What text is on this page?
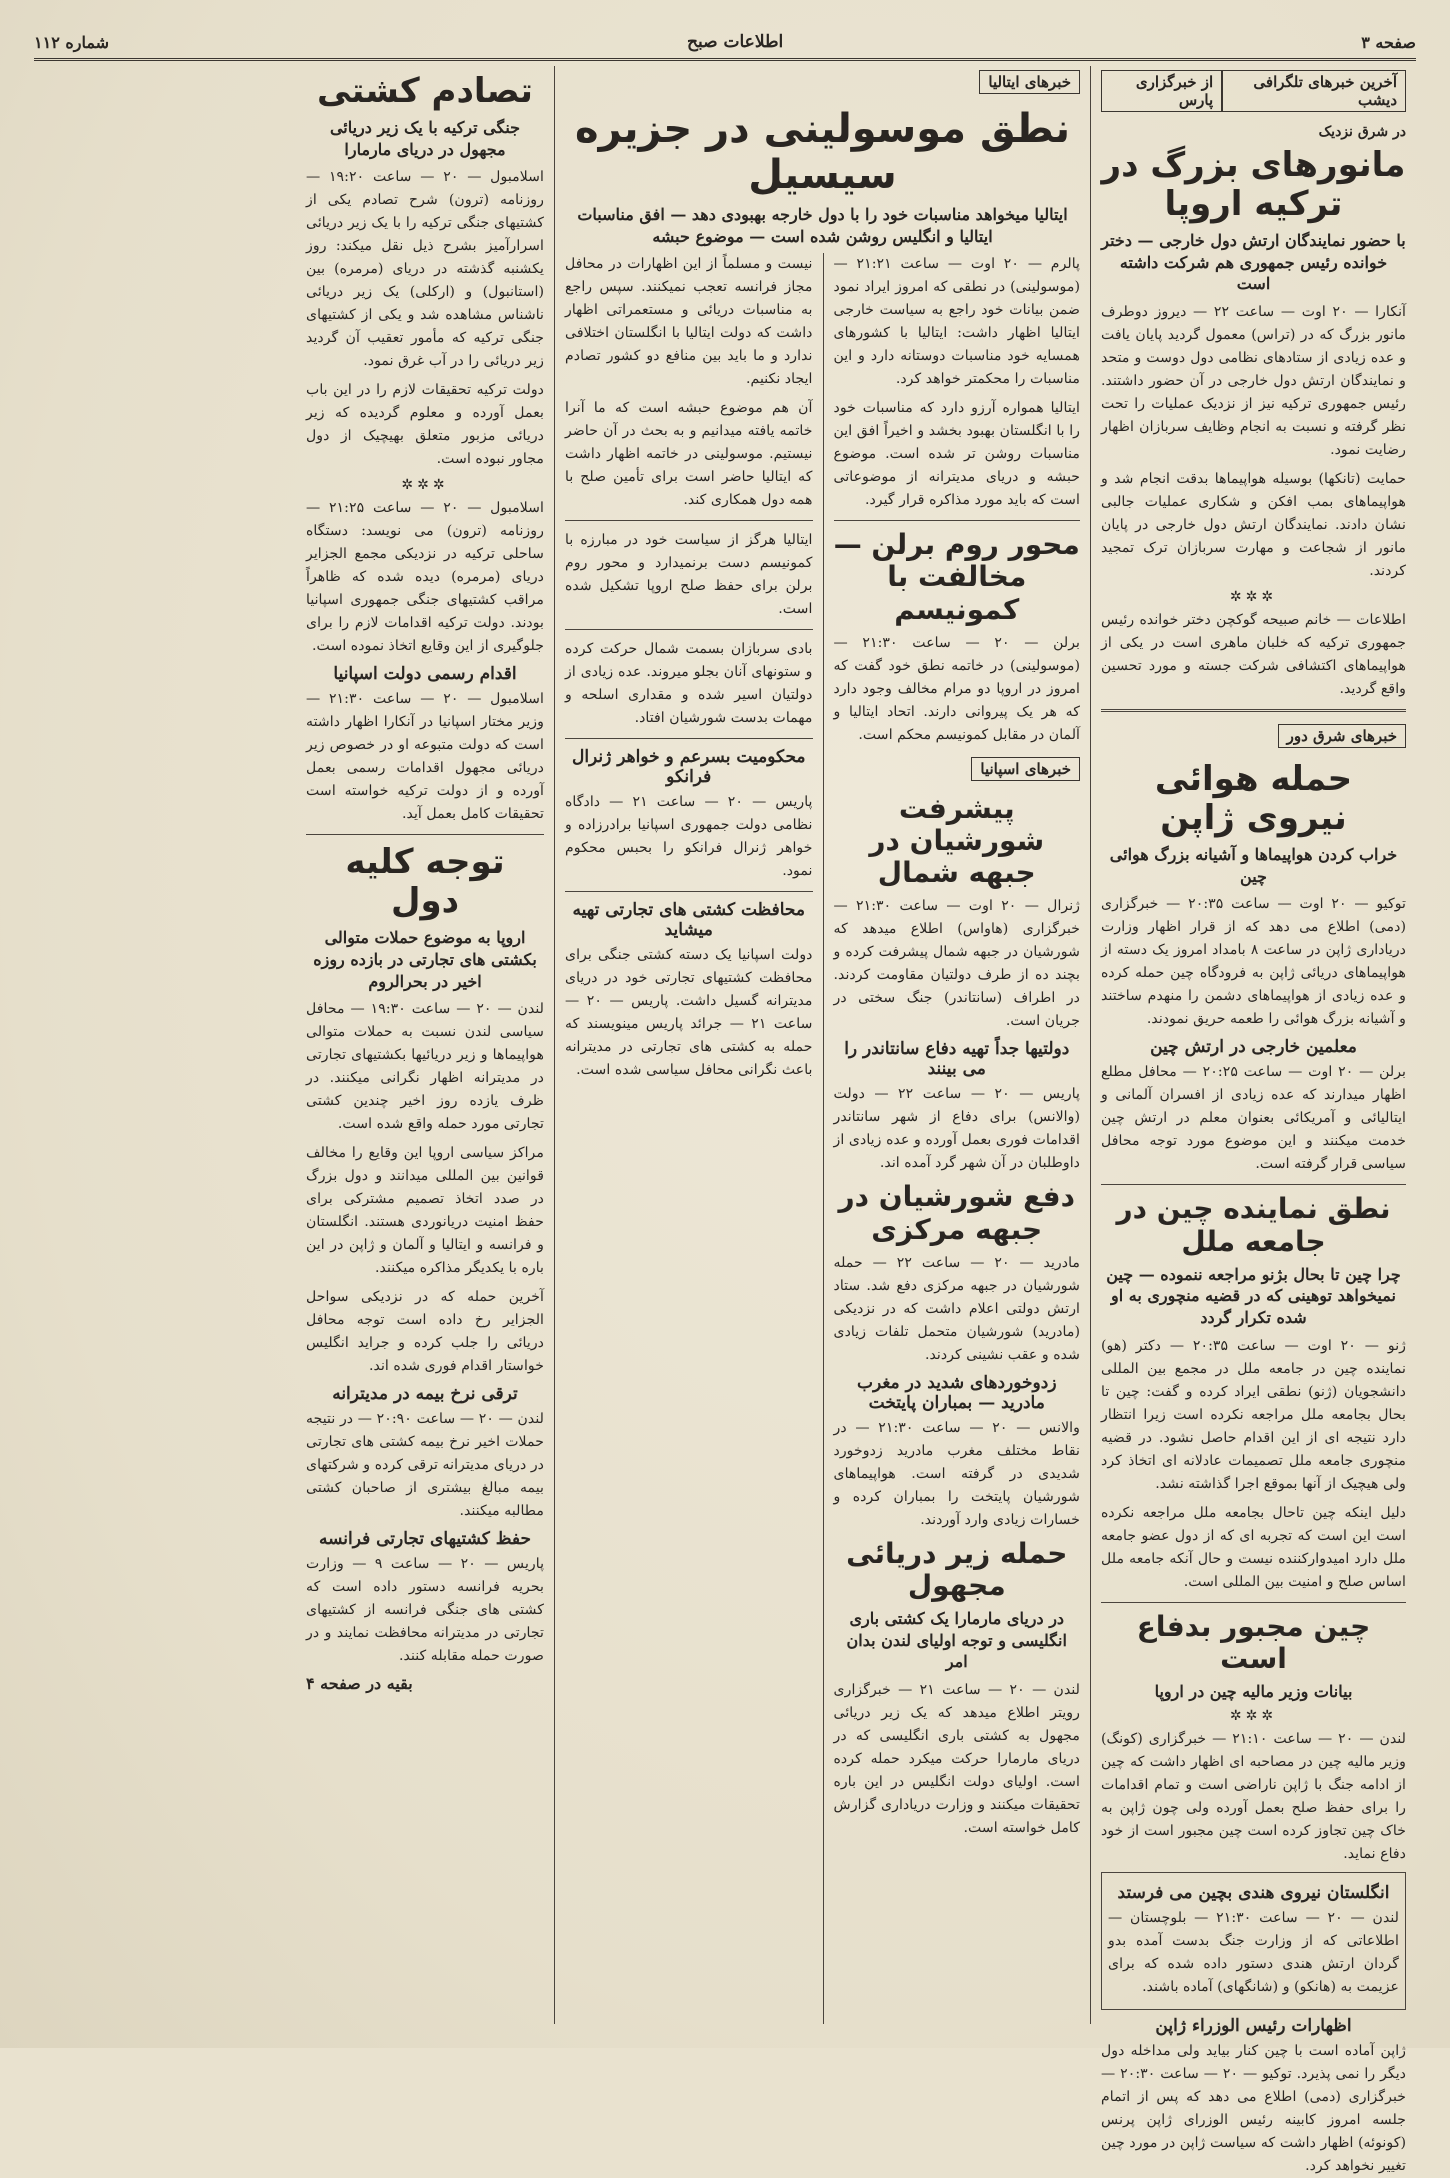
صفحه ۳
اطلاعات صبح
شماره ۱۱۲
آخرین خبرهای تلگرافی دیشب
از خبرگزاری پارس
در شرق نزدیک
مانورهای بزرگ در ترکیه اروپا
با حضور نمایندگان ارتش دول خارجی — دختر خوانده رئیس جمهوری هم شرکت داشته است

آنکارا — ۲۰ اوت — ساعت ۲۲ — دیروز دوطرف مانور بزرگ که در (تراس) معمول گردید پایان یافت و عده زیادی از ستادهای نظامی دول دوست و متحد و نمایندگان ارتش دول خارجی در آن حضور داشتند. رئیس جمهوری ترکیه نیز از نزدیک عملیات را تحت نظر گرفته و نسبت به انجام وظایف سربازان اظهار رضایت نمود.

حمایت (تانکها) بوسیله هواپیماها بدقت انجام شد و هواپیماهای بمب افکن و شکاری عملیات جالبی نشان دادند. نمایندگان ارتش دول خارجی در پایان مانور از شجاعت و مهارت سربازان ترک تمجید کردند.

✲✲✲

اطلاعات — خانم صبیحه گوکچن دختر خوانده رئیس جمهوری ترکیه که خلبان ماهری است در یکی از هواپیماهای اکتشافی شرکت جسته و مورد تحسین واقع گردید.

خبرهای شرق دور
حمله هوائی نیروی ژاپن
خراب کردن هواپیماها و آشیانه بزرگ هوائی چین

توکیو — ۲۰ اوت — ساعت ۲۰:۳۵ — خبرگزاری (دمی) اطلاع می دهد که از قرار اظهار وزارت دریاداری ژاپن در ساعت ۸ بامداد امروز یک دسته از هواپیماهای دریائی ژاپن به فرودگاه چین حمله کرده و عده زیادی از هواپیماهای دشمن را منهدم ساختند و آشیانه بزرگ هوائی را طعمه حریق نمودند.

معلمین خارجی در ارتش چین

برلن — ۲۰ اوت — ساعت ۲۰:۲۵ — محافل مطلع اظهار میدارند که عده زیادی از افسران آلمانی و ایتالیائی و آمریکائی بعنوان معلم در ارتش چین خدمت میکنند و این موضوع مورد توجه محافل سیاسی قرار گرفته است.

نطق نماینده چین در جامعه ملل
چرا چین تا بحال بژنو مراجعه ننموده — چین نمیخواهد توهینی که در قضیه منچوری به او شده تکرار گردد

ژنو — ۲۰ اوت — ساعت ۲۰:۳۵ — دکتر (هو) نماینده چین در جامعه ملل در مجمع بین المللی دانشجویان (ژنو) نطقی ایراد کرده و گفت: چین تا بحال بجامعه ملل مراجعه نکرده است زیرا انتظار دارد نتیجه ای از این اقدام حاصل نشود. در قضیه منچوری جامعه ملل تصمیمات عادلانه ای اتخاذ کرد ولی هیچیک از آنها بموقع اجرا گذاشته نشد.

دلیل اینکه چین تاحال بجامعه ملل مراجعه نکرده است این است که تجربه ای که از دول عضو جامعه ملل دارد امیدوارکننده نیست و حال آنکه جامعه ملل اساس صلح و امنیت بین المللی است.

چین مجبور بدفاع است
بیانات وزیر مالیه چین در اروپا
✲✲✲

لندن — ۲۰ — ساعت ۲۱:۱۰ — خبرگزاری (کونگ) وزیر مالیه چین در مصاحبه ای اظهار داشت که چین از ادامه جنگ با ژاپن ناراضی است و تمام اقدامات را برای حفظ صلح بعمل آورده ولی چون ژاپن به خاک چین تجاوز کرده است چین مجبور است از خود دفاع نماید.

انگلستان نیروی هندی بچین می فرستد

لندن — ۲۰ — ساعت ۲۱:۳۰ — بلوچستان — اطلاعاتی که از وزارت جنگ بدست آمده بدو گردان ارتش هندی دستور داده شده که برای عزیمت به (هانکو) و (شانگهای) آماده باشند.

اظهارات رئیس الوزراء ژاپن

ژاپن آماده است با چین کنار بیاید ولی مداخله دول دیگر را نمی پذیرد. توکیو — ۲۰ — ساعت ۲۰:۳۰ — خبرگزاری (دمی) اطلاع می دهد که پس از اتمام جلسه امروز کابینه رئیس الوزرای ژاپن پرنس (کونوئه) اظهار داشت که سیاست ژاپن در مورد چین تغییر نخواهد کرد.

خبرهای ایتالیا
نطق موسولینی در جزیره سیسیل
ایتالیا میخواهد مناسبات خود را با دول خارجه بهبودی دهد — افق مناسبات ایتالیا و انگلیس روشن شده است — موضوع حبشه

پالرم — ۲۰ اوت — ساعت ۲۱:۲۱ — (موسولینی) در نطقی که امروز ایراد نمود ضمن بیانات خود راجع به سیاست خارجی ایتالیا اظهار داشت: ایتالیا با کشورهای همسایه خود مناسبات دوستانه دارد و این مناسبات را محکمتر خواهد کرد.

ایتالیا همواره آرزو دارد که مناسبات خود را با انگلستان بهبود بخشد و اخیراً افق این مناسبات روشن تر شده است. موضوع حبشه و دریای مدیترانه از موضوعاتی است که باید مورد مذاکره قرار گیرد.

محور روم برلن — مخالفت با کمونیسم

برلن — ۲۰ — ساعت ۲۱:۳۰ — (موسولینی) در خاتمه نطق خود گفت که امروز در اروپا دو مرام مخالف وجود دارد که هر یک پیروانی دارند. اتحاد ایتالیا و آلمان در مقابل کمونیسم محکم است.

خبرهای اسپانیا
پیشرفت شورشیان در جبهه شمال

ژنرال — ۲۰ اوت — ساعت ۲۱:۳۰ — خبرگزاری (هاواس) اطلاع میدهد که شورشیان در جبهه شمال پیشرفت کرده و بچند ده از طرف دولتیان مقاومت کردند. در اطراف (سانتاندر) جنگ سختی در جریان است.

دولتیها جداً تهیه دفاع سانتاندر را می بینند

پاریس — ۲۰ — ساعت ۲۲ — دولت (والانس) برای دفاع از شهر سانتاندر اقدامات فوری بعمل آورده و عده زیادی از داوطلبان در آن شهر گرد آمده اند.

دفع شورشیان در جبهه مرکزی

مادرید — ۲۰ — ساعت ۲۲ — حمله شورشیان در جبهه مرکزی دفع شد. ستاد ارتش دولتی اعلام داشت که در نزدیکی (مادرید) شورشیان متحمل تلفات زیادی شده و عقب نشینی کردند.

زدوخوردهای شدید در مغرب مادرید — بمباران پایتخت

والانس — ۲۰ — ساعت ۲۱:۳۰ — در نقاط مختلف مغرب مادرید زدوخورد شدیدی در گرفته است. هواپیماهای شورشیان پایتخت را بمباران کرده و خسارات زیادی وارد آوردند.

حمله زیر دریائی مجهول
در دریای مارمارا یک کشتی باری انگلیسی و توجه اولیای لندن بدان امر

لندن — ۲۰ — ساعت ۲۱ — خبرگزاری رویتر اطلاع میدهد که یک زیر دریائی مجهول به کشتی باری انگلیسی که در دریای مارمارا حرکت میکرد حمله کرده است. اولیای دولت انگلیس در این باره تحقیقات میکنند و وزارت دریاداری گزارش کامل خواسته است.

نیست و مسلماً از این اظهارات در محافل مجاز فرانسه تعجب نمیکنند. سپس راجع به مناسبات دریائی و مستعمراتی اظهار داشت که دولت ایتالیا با انگلستان اختلافی ندارد و ما باید بین منافع دو کشور تصادم ایجاد نکنیم.

آن هم موضوع حبشه است که ما آنرا خاتمه یافته میدانیم و به بحث در آن حاضر نیستیم. موسولینی در خاتمه اظهار داشت که ایتالیا حاضر است برای تأمین صلح با همه دول همکاری کند.

ایتالیا هرگز از سیاست خود در مبارزه با کمونیسم دست برنمیدارد و محور روم برلن برای حفظ صلح اروپا تشکیل شده است.

بادی سربازان بسمت شمال حرکت کرده و ستونهای آنان بجلو میروند. عده زیادی از دولتیان اسیر شده و مقداری اسلحه و مهمات بدست شورشیان افتاد.

محکومیت بسرعم و خواهر ژنرال فرانکو

پاریس — ۲۰ — ساعت ۲۱ — دادگاه نظامی دولت جمهوری اسپانیا برادرزاده و خواهر ژنرال فرانکو را بحبس محکوم نمود.

محافظت کشتی های تجارتی تهیه میشاید

دولت اسپانیا یک دسته کشتی جنگی برای محافظت کشتیهای تجارتی خود در دریای مدیترانه گسیل داشت. پاریس — ۲۰ — ساعت ۲۱ — جرائد پاریس مینویسند که حمله به کشتی های تجارتی در مدیترانه باعث نگرانی محافل سیاسی شده است.

تصادم کشتی
جنگی ترکیه با یک زیر دریائی مجهول در دریای مارمارا

اسلامبول — ۲۰ — ساعت ۱۹:۲۰ — روزنامه (ترون) شرح تصادم یکی از کشتیهای جنگی ترکیه را با یک زیر دریائی اسرارآمیز بشرح ذیل نقل میکند: روز یکشنبه گذشته در دریای (مرمره) بین (استانبول) و (ارکلی) یک زیر دریائی ناشناس مشاهده شد و یکی از کشتیهای جنگی ترکیه که مأمور تعقیب آن گردید زیر دریائی را در آب غرق نمود.

دولت ترکیه تحقیقات لازم را در این باب بعمل آورده و معلوم گردیده که زیر دریائی مزبور متعلق بهیچیک از دول مجاور نبوده است.

✲✲✲

اسلامبول — ۲۰ — ساعت ۲۱:۲۵ — روزنامه (ترون) می نویسد: دستگاه ساحلی ترکیه در نزدیکی مجمع الجزایر دریای (مرمره) دیده شده که ظاهراً مراقب کشتیهای جنگی جمهوری اسپانیا بودند. دولت ترکیه اقدامات لازم را برای جلوگیری از این وقایع اتخاذ نموده است.

اقدام رسمی دولت اسپانیا

اسلامبول — ۲۰ — ساعت ۲۱:۳۰ — وزیر مختار اسپانیا در آنکارا اظهار داشته است که دولت متبوعه او در خصوص زیر دریائی مجهول اقدامات رسمی بعمل آورده و از دولت ترکیه خواسته است تحقیقات کامل بعمل آید.

توجه کلیه دول
اروپا به موضوع حملات متوالی بکشتی های تجارتی در بازده روزه اخیر در بحرالروم

لندن — ۲۰ — ساعت ۱۹:۳۰ — محافل سیاسی لندن نسبت به حملات متوالی هواپیماها و زیر دریائیها بکشتیهای تجارتی در مدیترانه اظهار نگرانی میکنند. در ظرف یازده روز اخیر چندین کشتی تجارتی مورد حمله واقع شده است.

مراکز سیاسی اروپا این وقایع را مخالف قوانین بین المللی میدانند و دول بزرگ در صدد اتخاذ تصمیم مشترکی برای حفظ امنیت دریانوردی هستند. انگلستان و فرانسه و ایتالیا و آلمان و ژاپن در این باره با یکدیگر مذاکره میکنند.

آخرین حمله که در نزدیکی سواحل الجزایر رخ داده است توجه محافل دریائی را جلب کرده و جراید انگلیس خواستار اقدام فوری شده اند.

ترقی نرخ بیمه در مدیترانه

لندن — ۲۰ — ساعت ۲۰:۹۰ — در نتیجه حملات اخیر نرخ بیمه کشتی های تجارتی در دریای مدیترانه ترقی کرده و شرکتهای بیمه مبالغ بیشتری از صاحبان کشتی مطالبه میکنند.

حفظ کشتیهای تجارتی فرانسه

پاریس — ۲۰ — ساعت ۹ — وزارت بحریه فرانسه دستور داده است که کشتی های جنگی فرانسه از کشتیهای تجارتی در مدیترانه محافظت نمایند و در صورت حمله مقابله کنند.

بقیه در صفحه ۴
